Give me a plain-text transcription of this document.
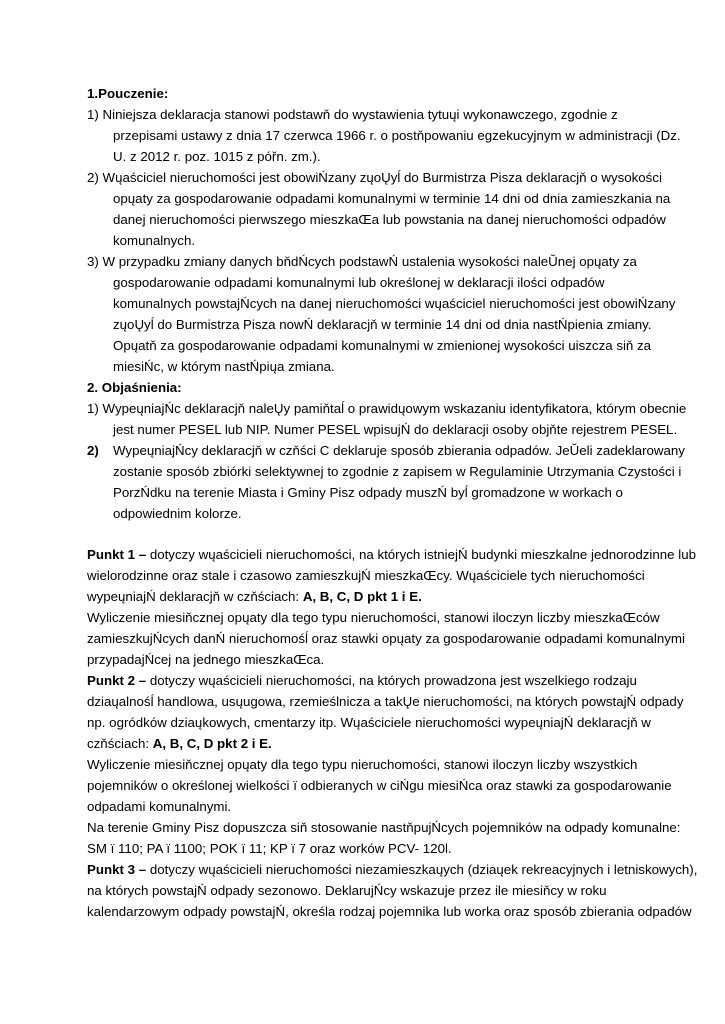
1.Pouczenie:
1) Niniejsza deklaracja stanowi podstawň do wystawienia tytuųi wykonawczego, zgodnie z
przepisami ustawy z dnia 17 czerwca 1966 r. o postňpowaniu egzekucyjnym w administracji (Dz.
U. z 2012 r. poz. 1015 z póřn. zm.).
2) Wųaściciel nieruchomości jest obowiŃzany zųoŲyĺ do Burmistrza Pisza deklaracjň o wysokości
opųaty za gospodarowanie odpadami komunalnymi w terminie 14 dni od dnia zamieszkania na
danej nieruchomości pierwszego mieszkaŒa lub powstania na danej nieruchomości odpadów
komunalnych.
3) W przypadku zmiany danych bňdŃcych podstawŃ ustalenia wysokości naleŬnej opųaty za
gospodarowanie odpadami komunalnymi lub określonej w deklaracji ilości odpadów
komunalnych powstajŃcych na danej nieruchomości wųaściciel nieruchomości jest obowiŃzany
zųoŲyĺ do Burmistrza Pisza nowŃ deklaracjň w terminie 14 dni od dnia nastŃpienia zmiany.
Opųatň za gospodarowanie odpadami komunalnymi w zmienionej wysokości uiszcza siň za
miesiŃc, w którym nastŃpiųa zmiana.
2. Objaśnienia:
1) WypeųniajŃc deklaracjň naleŲy pamiňtaĺ o prawidųowym wskazaniu identyfikatora, którym obecnie
jest numer PESEL lub NIP. Numer PESEL wpisujŃ do deklaracji osoby objňte rejestrem PESEL.
2) WypeųniajŃcy deklaracjň w czňści C deklaruje sposób zbierania odpadów. JeŬeli zadeklarowany
zostanie sposób zbiórki selektywnej to zgodnie z zapisem w Regulaminie Utrzymania Czystości i
PorzŃdku na terenie Miasta i Gminy Pisz odpady muszŃ byĺ gromadzone w workach o
odpowiednim kolorze.
Punkt 1 – dotyczy wųaścicieli nieruchomości, na których istniejŃ budynki mieszkalne jednorodzinne lub
wielorodzinne oraz stale i czasowo zamieszkujŃ mieszkaŒcy. Wųaściciele tych nieruchomości
wypeųniajŃ deklaracjň w czňściach: A, B, C, D pkt 1 i E.
Wyliczenie miesiňcznej opųaty dla tego typu nieruchomości, stanowi iloczyn liczby mieszkaŒców
zamieszkujŃcych danŃ nieruchomośĺ oraz stawki opųaty za gospodarowanie odpadami komunalnymi
przypadajŃcej na jednego mieszkaŒca.
Punkt 2 – dotyczy wųaścicieli nieruchomości, na których prowadzona jest wszelkiego rodzaju
dziaųalnośĺ handlowa, usųugowa, rzemieślnicza a takŲe nieruchomości, na których powstajŃ odpady
np. ogródków dziaųkowych, cmentarzy itp. Wųaściciele nieruchomości wypeųniajŃ deklaracjň w
czňściach: A, B, C, D pkt 2 i E.
Wyliczenie miesiňcznej opųaty dla tego typu nieruchomości, stanowi iloczyn liczby wszystkich
pojemników o określonej wielkości ï odbieranych w ciŃgu miesiŃca oraz stawki za gospodarowanie
odpadami komunalnymi.
Na terenie Gminy Pisz dopuszcza siň stosowanie nastňpujŃcych pojemników na odpady komunalne:
SM ï 110; PA ï 1100; POK ï 11; KP ï 7 oraz worków PCV- 120l.
Punkt 3 – dotyczy wųaścicieli nieruchomości niezamieszkaųych (dziaųek rekreacyjnych i letniskowych),
na których powstajŃ odpady sezonowo. DeklarujŃcy wskazuje przez ile miesiňcy w roku
kalendarzowym odpady powstajŃ, określa rodzaj pojemnika lub worka oraz sposób zbierania odpadów
